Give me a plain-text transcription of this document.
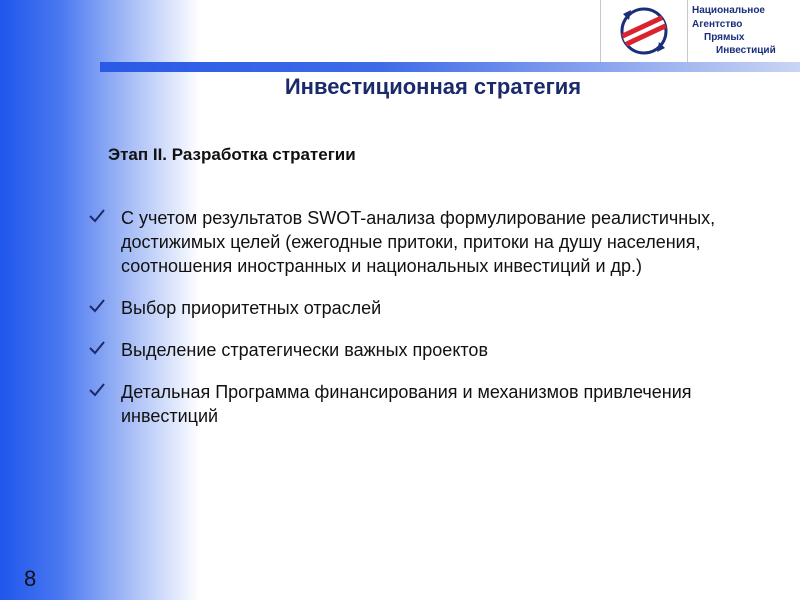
Национальное
Агентство
Прямых
Инвестиций
Инвестиционная стратегия
Этап II. Разработка стратегии
С учетом результатов SWOT-анализа формулирование реалистичных, достижимых целей (ежегодные притоки, притоки на душу населения, соотношения иностранных и национальных инвестиций и др.)
Выбор приоритетных отраслей
Выделение стратегически важных проектов
Детальная Программа финансирования и механизмов привлечения инвестиций
8
